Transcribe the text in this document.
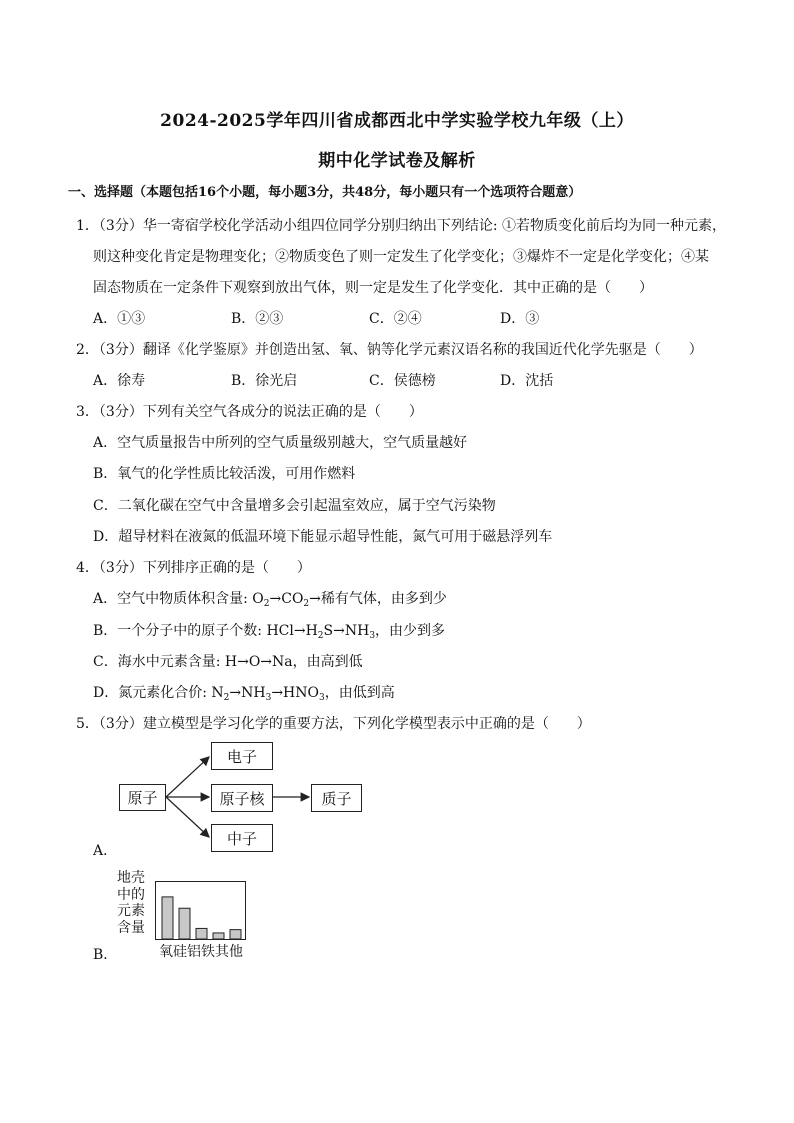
2024-2025学年四川省成都西北中学实验学校九年级（上）
期中化学试卷及解析
一、选择题（本题包括16个小题，每小题3分，共48分，每小题只有一个选项符合题意）
1．（3分）华一寄宿学校化学活动小组四位同学分别归纳出下列结论: ①若物质变化前后均为同一种元素，
则这种变化肯定是物理变化；②物质变色了则一定发生了化学变化；③爆炸不一定是化学变化；④某
固态物质在一定条件下观察到放出气体，则一定是发生了化学变化．其中正确的是（　　）
A．①③	B．②③	C．②④	D．③
2．（3分）翻译《化学鉴原》并创造出氢、氧、钠等化学元素汉语名称的我国近代化学先驱是（　　）
A．徐寿	B．徐光启	C．侯德榜	D．沈括
3．（3分）下列有关空气各成分的说法正确的是（　　）
A．空气质量报告中所列的空气质量级别越大，空气质量越好
B．氧气的化学性质比较活泼，可用作燃料
C．二氧化碳在空气中含量增多会引起温室效应，属于空气污染物
D．超导材料在液氮的低温环境下能显示超导性能，氮气可用于磁悬浮列车
4．（3分）下列排序正确的是（　　）
A．空气中物质体积含量: $O_2\to CO_2\to$稀有气体，由多到少
B．一个分子中的原子个数: $HCl\to H_2S\to NH_3$，由少到多
C．海水中元素含量: H→O→Na，由高到低
D．氮元素化合价: $N_2\to NH_3\to HNO_3$，由低到高
5．（3分）建立模型是学习化学的重要方法，下列化学模型表示中正确的是（　　）
原子
电子
原子核	质子
中子
A．
地壳
中的
元素
含量
氧硅铝铁其他
B．
